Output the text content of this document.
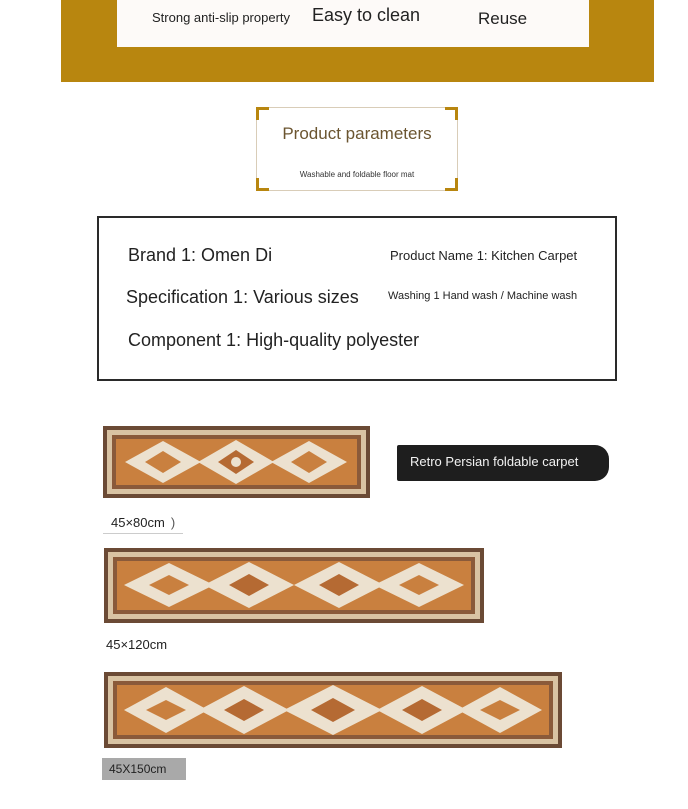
Strong anti-slip property Easy to clean	Reuse
Product parameters
Washable and foldable floor mat
Brand 1: Omen Di	Product Name 1: Kitchen Carpet
Specification 1: Various sizes	Washing 1 Hand wash / Machine wash
Component 1: High-quality polyester
Retro Persian foldable carpet
45×80cm )
45×120cm
45X150cm
